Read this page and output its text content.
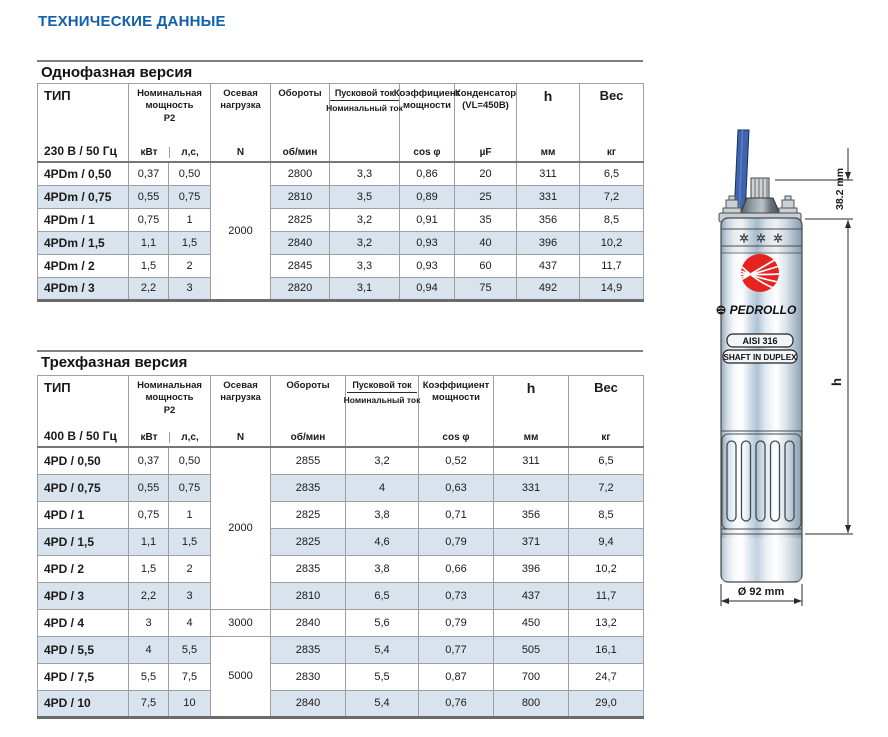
ТЕХНИЧЕСКИЕ ДАННЫЕ
Однофазная версия
ТИП
230 В / 50 Гц	Номинальная
мощность
P2
кВт л,с,		Осевая
нагрузка
N	Обороты
об/мин	$\frac{\text{Пусковой ток}}{\text{Номинальный ток}}$	Коэффициент
мощности
cos φ	Конденсатор
(VL=450В)
µF	h
мм	Вес
кг

4PDm / 0,50	0,37	0,50	2000	2800	3,3	0,86	20	311	6,5
4PDm / 0,75	0,55	0,75		2810	3,5	0,89	25	331	7,2
4PDm / 1	0,75	1		2825	3,2	0,91	35	356	8,5
4PDm / 1,5	1,1	1,5		2840	3,2	0,93	40	396	10,2
4PDm / 2	1,5	2		2845	3,3	0,93	60	437	11,7
4PDm / 3	2,2	3		2820	3,1	0,94	75	492	14,9
Трехфазная версия
ТИП
400 В / 50 Гц	Номинальная
мощность
P2
кВт л,с,		Осевая
нагрузка
N	Обороты
об/мин	$\frac{\text{Пусковой ток}}{\text{Номинальный ток}}$	Коэффициент
мощности
cos φ	h
мм	Вес
кг

4PD / 0,50	0,37	0,50	2000	2855	3,2	0,52	311	6,5
4PD / 0,75	0,55	0,75		2835	4	0,63	331	7,2
4PD / 1	0,75	1		2825	3,8	0,71	356	8,5
4PD / 1,5	1,1	1,5		2825	4,6	0,79	371	9,4
4PD / 2	1,5	2		2835	3,8	0,66	396	10,2
4PD / 3	2,2	3		2810	6,5	0,73	437	11,7
4PD / 4	3	4	3000	2840	5,6	0,79	450	13,2
4PD / 5,5	4	5,5	5000	2835	5,4	0,77	505	16,1
4PD / 7,5	5,5	7,5		2830	5,5	0,87	700	24,7
4PD / 10	7,5	10		2840	5,4	0,76	800	29,0
PEDROLLO
AISI 316
SHAFT IN DUPLEX
38.2 mm
h
Ø 92 mm
